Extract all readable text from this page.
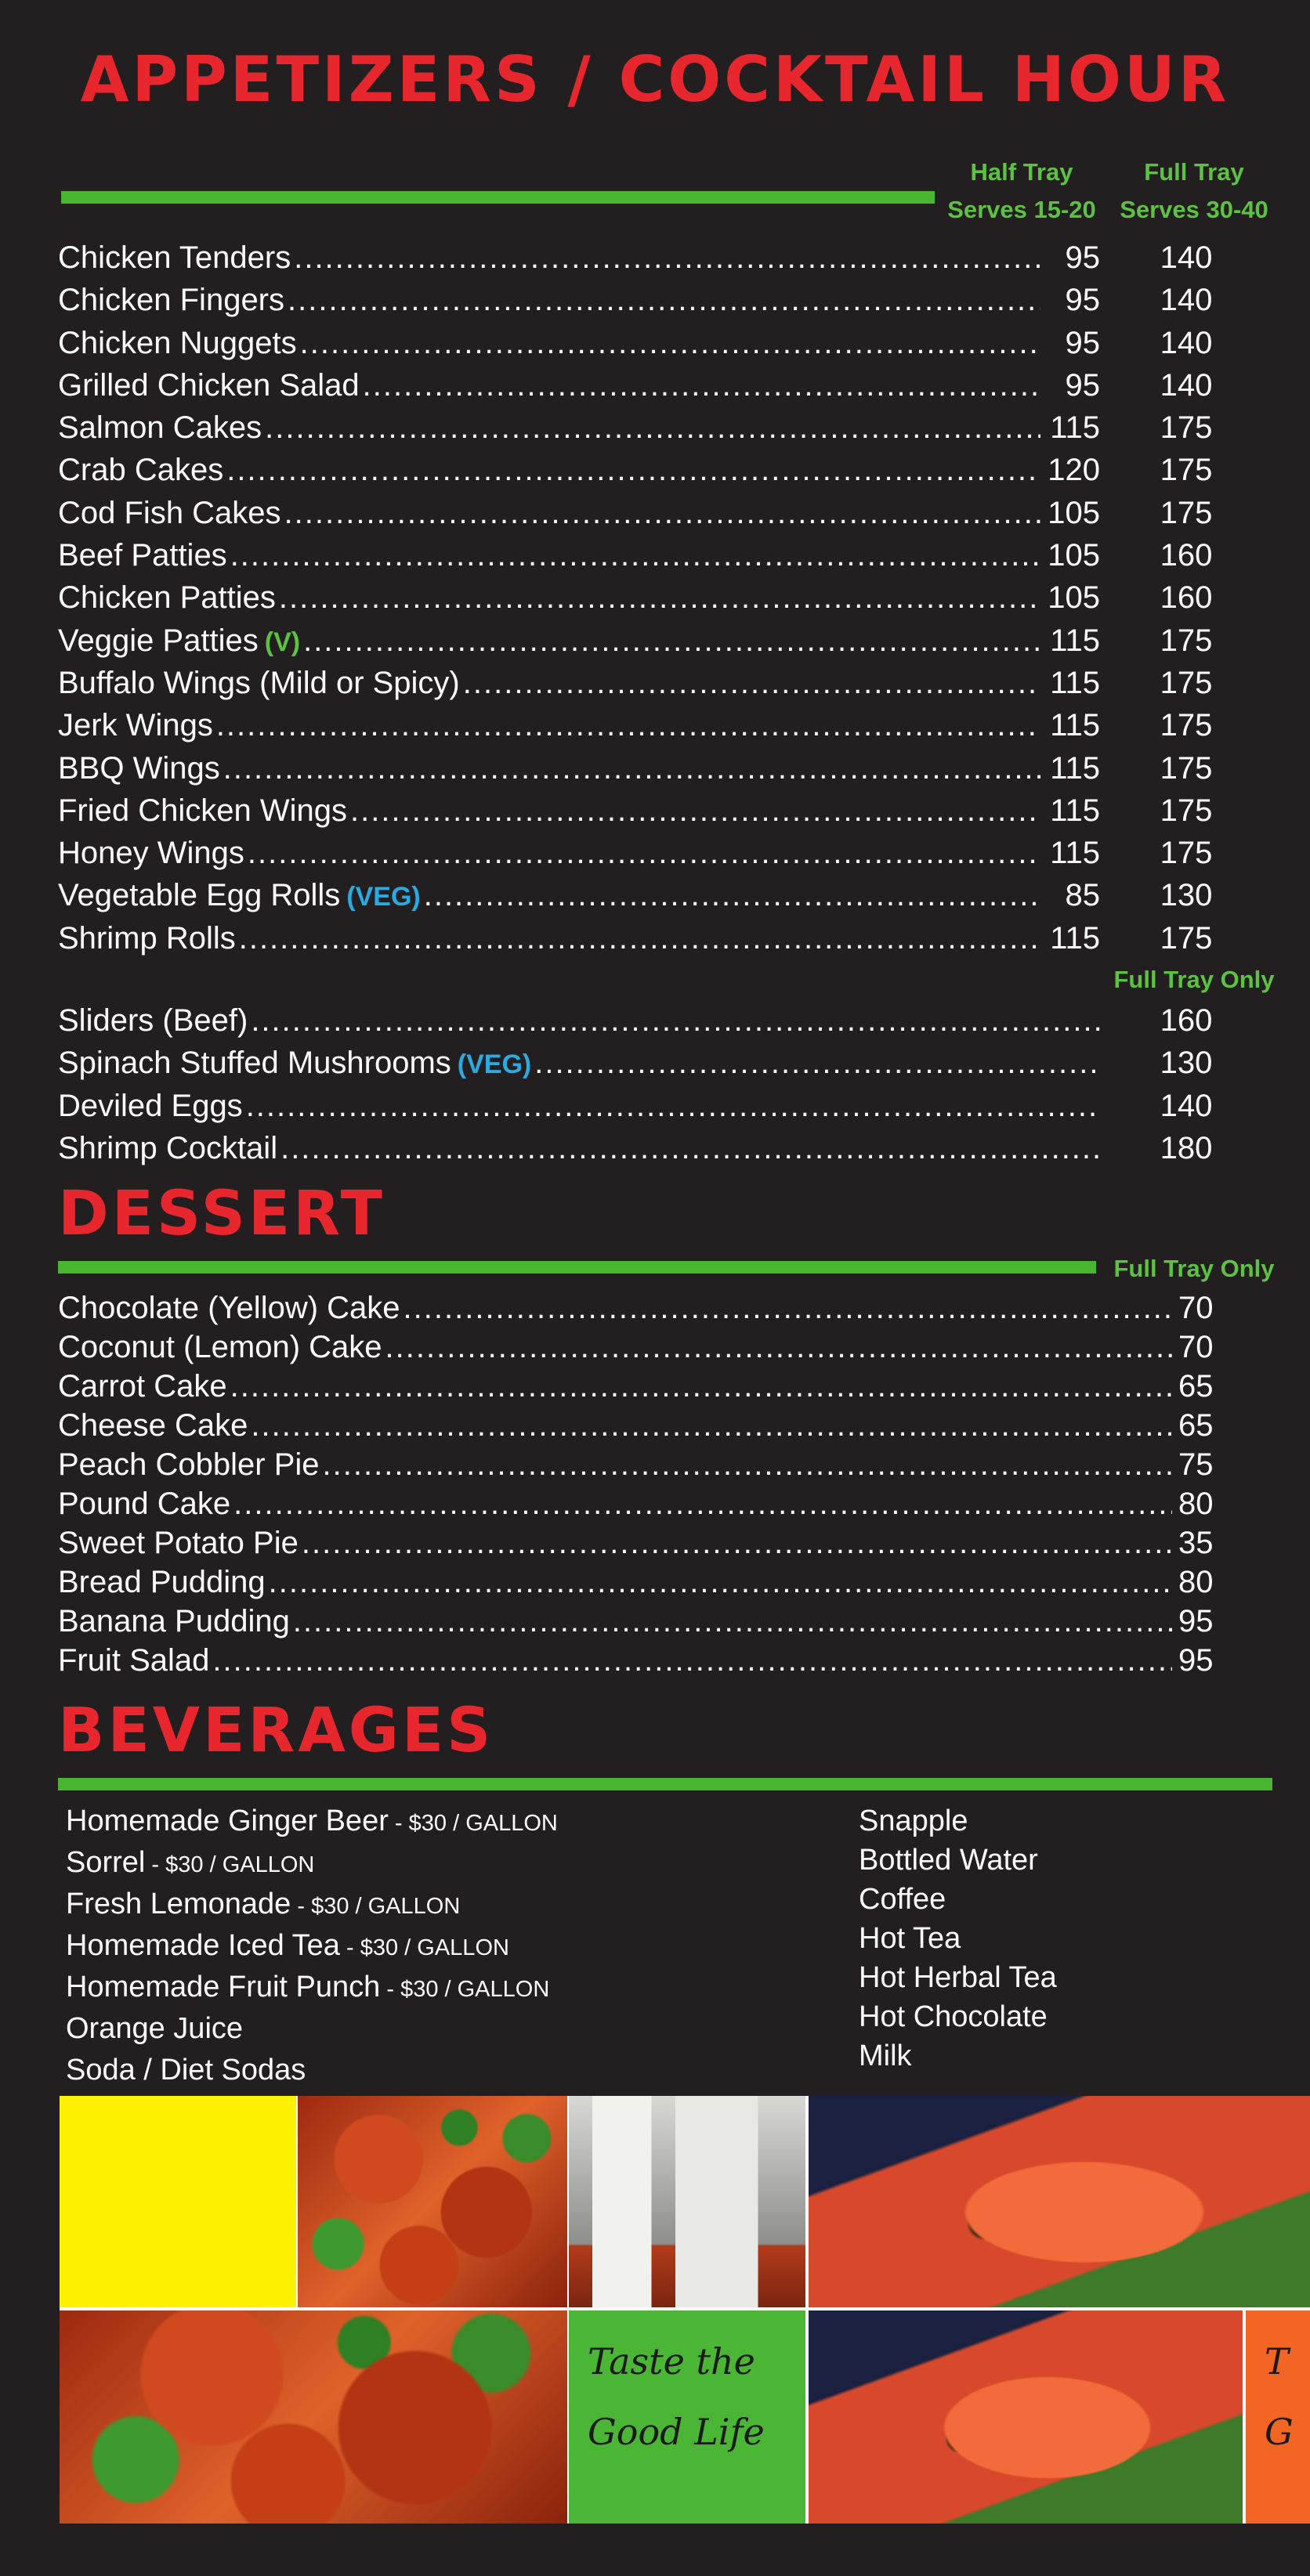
APPETIZERS / COCKTAIL HOUR
Half Tray
Serves 15-20
Full Tray
Serves 30-40
Chicken Tenders .....	95	140
Chicken Fingers .....	95	140
Chicken Nuggets .....	95	140
Grilled Chicken Salad .....	95	140
Salmon Cakes .....	115	175
Crab Cakes .....	120	175
Cod Fish Cakes .....	105	175
Beef Patties .....	105	160
Chicken Patties .....	105	160
Veggie Patties (V) .....	115	175
Buffalo Wings (Mild or Spicy) .....	115	175
Jerk Wings .....	115	175
BBQ Wings .....	115	175
Fried Chicken Wings .....	115	175
Honey Wings .....	115	175
Vegetable Egg Rolls (VEG) .....	85	130
Shrimp Rolls .....	115	175
Full Tray Only
Sliders (Beef) .....	160
Spinach Stuffed Mushrooms (VEG) .....	130
Deviled Eggs .....	140
Shrimp Cocktail .....	180
DESSERT
Full Tray Only
Chocolate (Yellow) Cake .....	70
Coconut (Lemon) Cake .....	70
Carrot Cake .....	65
Cheese Cake .....	65
Peach Cobbler Pie .....	75
Pound Cake .....	80
Sweet Potato Pie .....	35
Bread Pudding .....	80
Banana Pudding .....	95
Fruit Salad .....	95
BEVERAGES
Homemade Ginger Beer - $30 / GALLON
Sorrel - $30 / GALLON
Fresh Lemonade - $30 / GALLON
Homemade Iced Tea - $30 / GALLON
Homemade Fruit Punch - $30 / GALLON
Orange Juice
Soda / Diet Sodas
Snapple
Bottled Water
Coffee
Hot Tea
Hot Herbal Tea
Hot Chocolate
Milk
Taste the
Good Life
T
G
